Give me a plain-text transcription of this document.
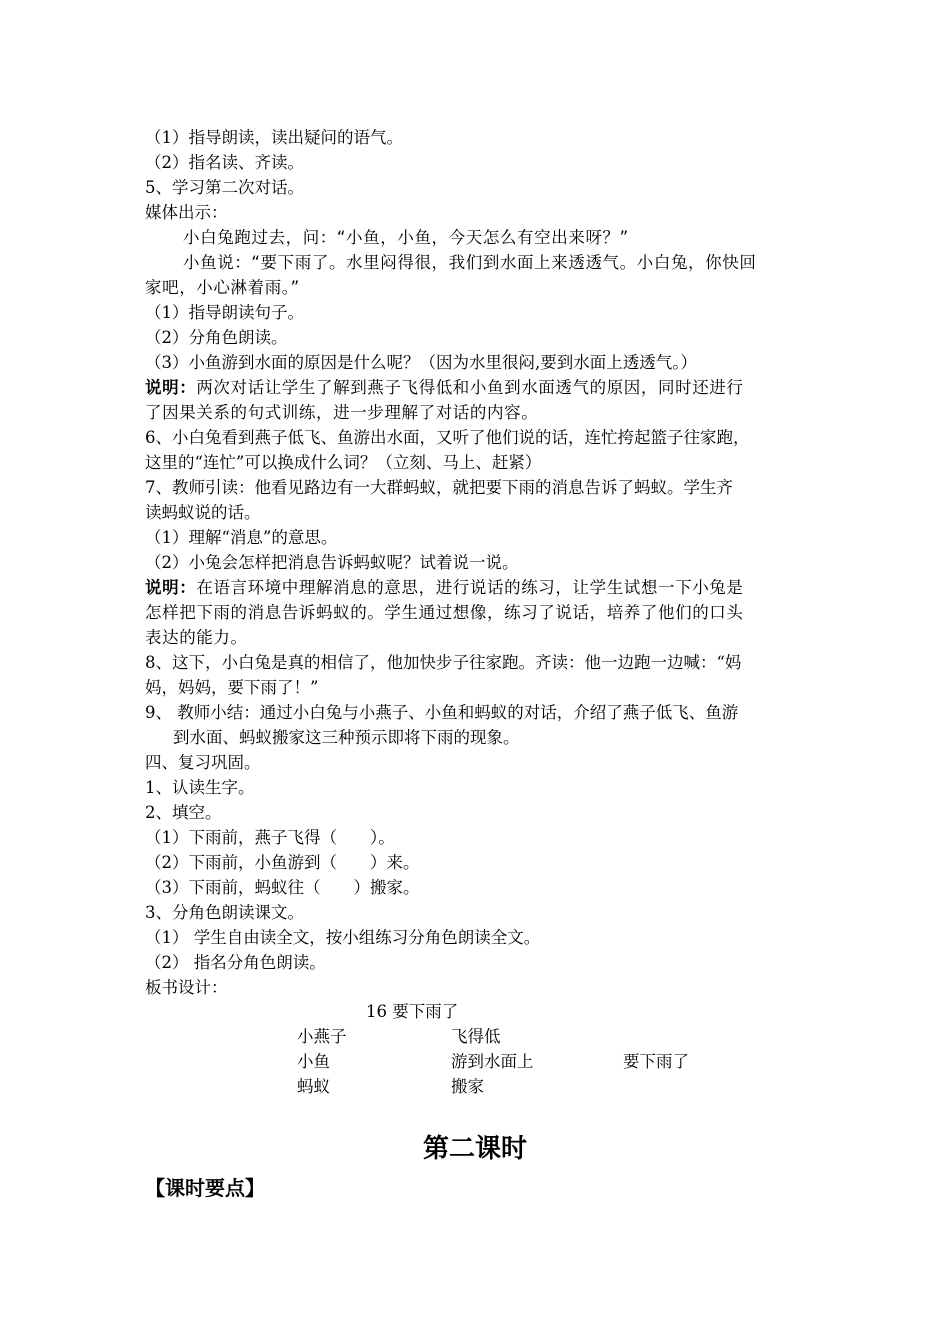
（1）指导朗读，读出疑问的语气。
（2）指名读、齐读。
5、学习第二次对话。
媒体出示：
小白兔跑过去，问：“小鱼，小鱼，今天怎么有空出来呀？”
小鱼说：“要下雨了。水里闷得很，我们到水面上来透透气。小白兔，你快回
家吧，小心淋着雨。”
（1）指导朗读句子。
（2）分角色朗读。
（3）小鱼游到水面的原因是什么呢？（因为水里很闷,要到水面上透透气。）
说明：两次对话让学生了解到燕子飞得低和小鱼到水面透气的原因，同时还进行
了因果关系的句式训练，进一步理解了对话的内容。
6、小白兔看到燕子低飞、鱼游出水面，又听了他们说的话，连忙挎起篮子往家跑，
这里的“连忙”可以换成什么词？（立刻、马上、赶紧）
7、教师引读：他看见路边有一大群蚂蚁，就把要下雨的消息告诉了蚂蚁。学生齐
读蚂蚁说的话。
（1）理解“消息”的意思。
（2）小兔会怎样把消息告诉蚂蚁呢？试着说一说。
说明：在语言环境中理解消息的意思，进行说话的练习，让学生试想一下小兔是
怎样把下雨的消息告诉蚂蚁的。学生通过想像，练习了说话，培养了他们的口头
表达的能力。
8、这下，小白兔是真的相信了，他加快步子往家跑。齐读：他一边跑一边喊：“妈
妈，妈妈，要下雨了！”
9、 教师小结：通过小白兔与小燕子、小鱼和蚂蚁的对话，介绍了燕子低飞、鱼游
到水面、蚂蚁搬家这三种预示即将下雨的现象。
四、复习巩固。
1、认读生字。
2、填空。
（1）下雨前，燕子飞得（　　）。
（2）下雨前，小鱼游到（　　）来。
（3）下雨前，蚂蚁往（　　）搬家。
3、分角色朗读课文。
（1） 学生自由读全文，按小组练习分角色朗读全文。
（2） 指名分角色朗读。
板书设计：
16 要下雨了
小燕子	飞得低
小鱼	游到水面上	要下雨了
蚂蚁	搬家
第二课时
【课时要点】
